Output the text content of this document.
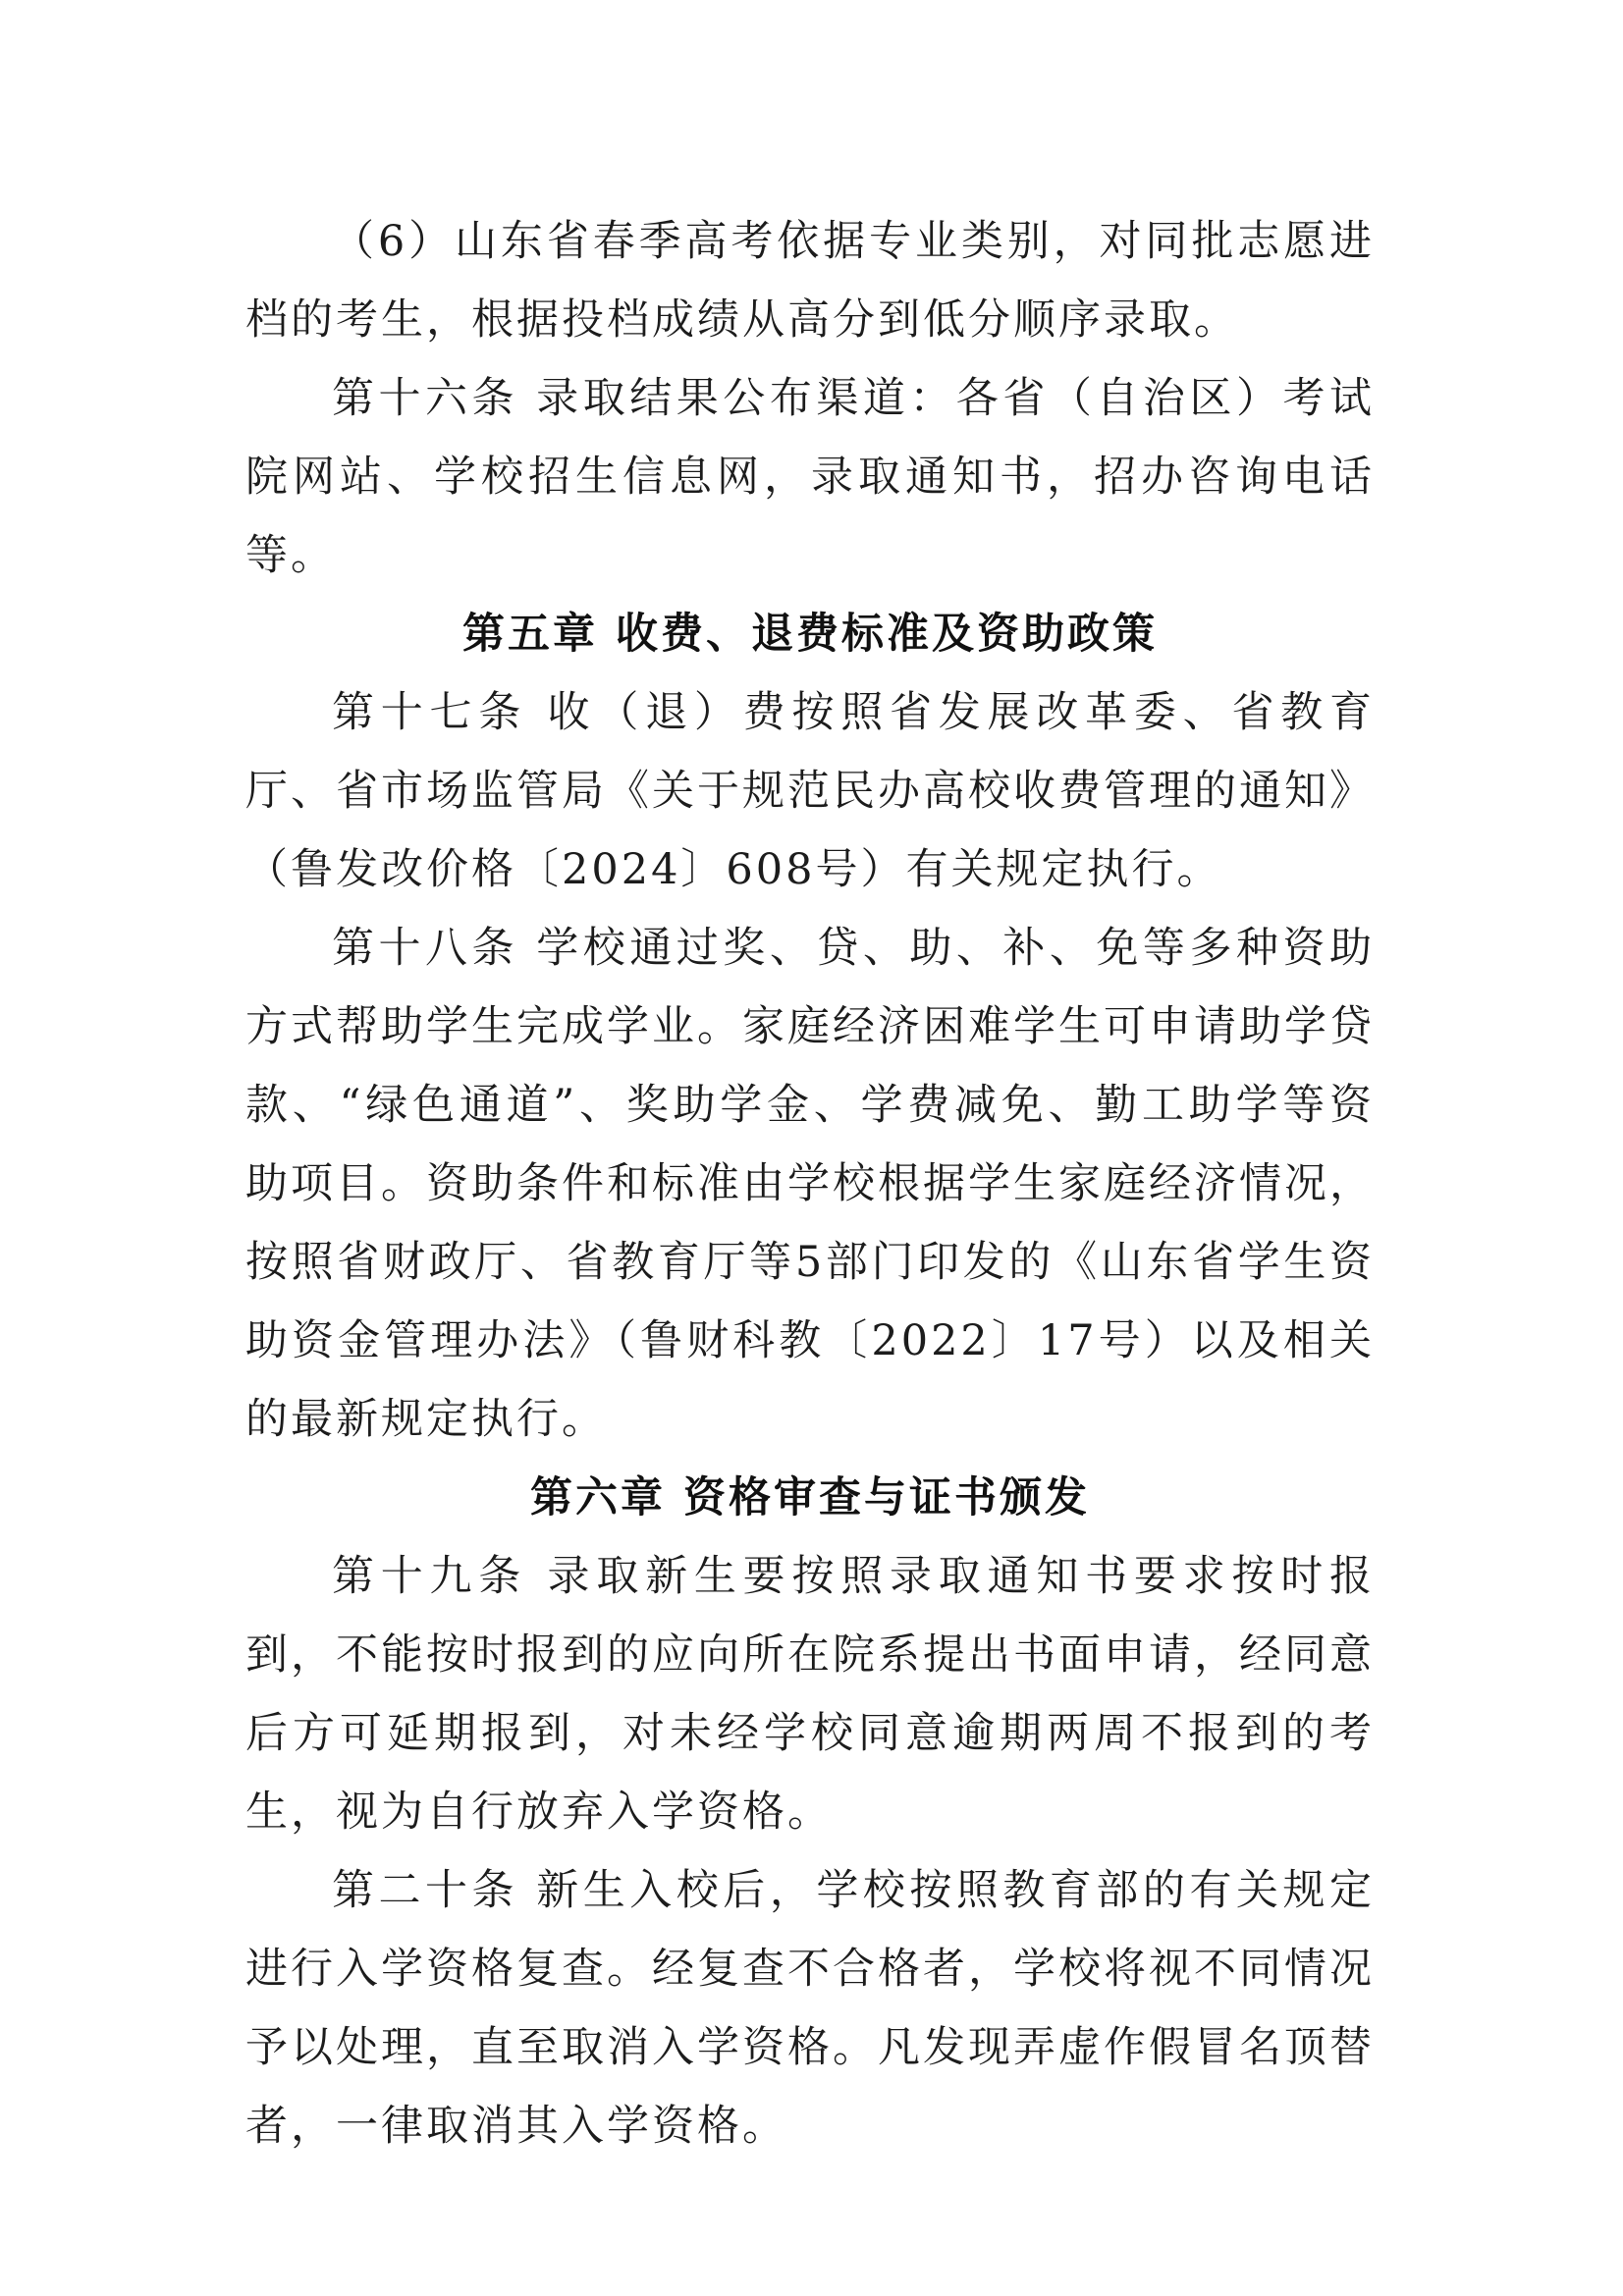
（6）山东省春季高考依据专业类别，对同批志愿进档的考生，根据投档成绩从高分到低分顺序录取。

第十六条 录取结果公布渠道：各省（自治区）考试院网站、学校招生信息网，录取通知书，招办咨询电话等。

第五章 收费、退费标准及资助政策

第十七条 收（退）费按照省发展改革委、省教育厅、省市场监管局《关于规范民办高校收费管理的通知》（鲁发改价格〔2024〕608号）有关规定执行。

第十八条 学校通过奖、贷、助、补、免等多种资助方式帮助学生完成学业。家庭经济困难学生可申请助学贷款、“绿色通道”、奖助学金、学费减免、勤工助学等资助项目。资助条件和标准由学校根据学生家庭经济情况，按照省财政厅、省教育厅等5部门印发的《山东省学生资助资金管理办法》（鲁财科教〔2022〕17号）以及相关的最新规定执行。

第六章 资格审查与证书颁发

第十九条 录取新生要按照录取通知书要求按时报到，不能按时报到的应向所在院系提出书面申请，经同意后方可延期报到，对未经学校同意逾期两周不报到的考生，视为自行放弃入学资格。

第二十条 新生入校后，学校按照教育部的有关规定进行入学资格复查。经复查不合格者，学校将视不同情况予以处理，直至取消入学资格。凡发现弄虚作假冒名顶替者，一律取消其入学资格。
